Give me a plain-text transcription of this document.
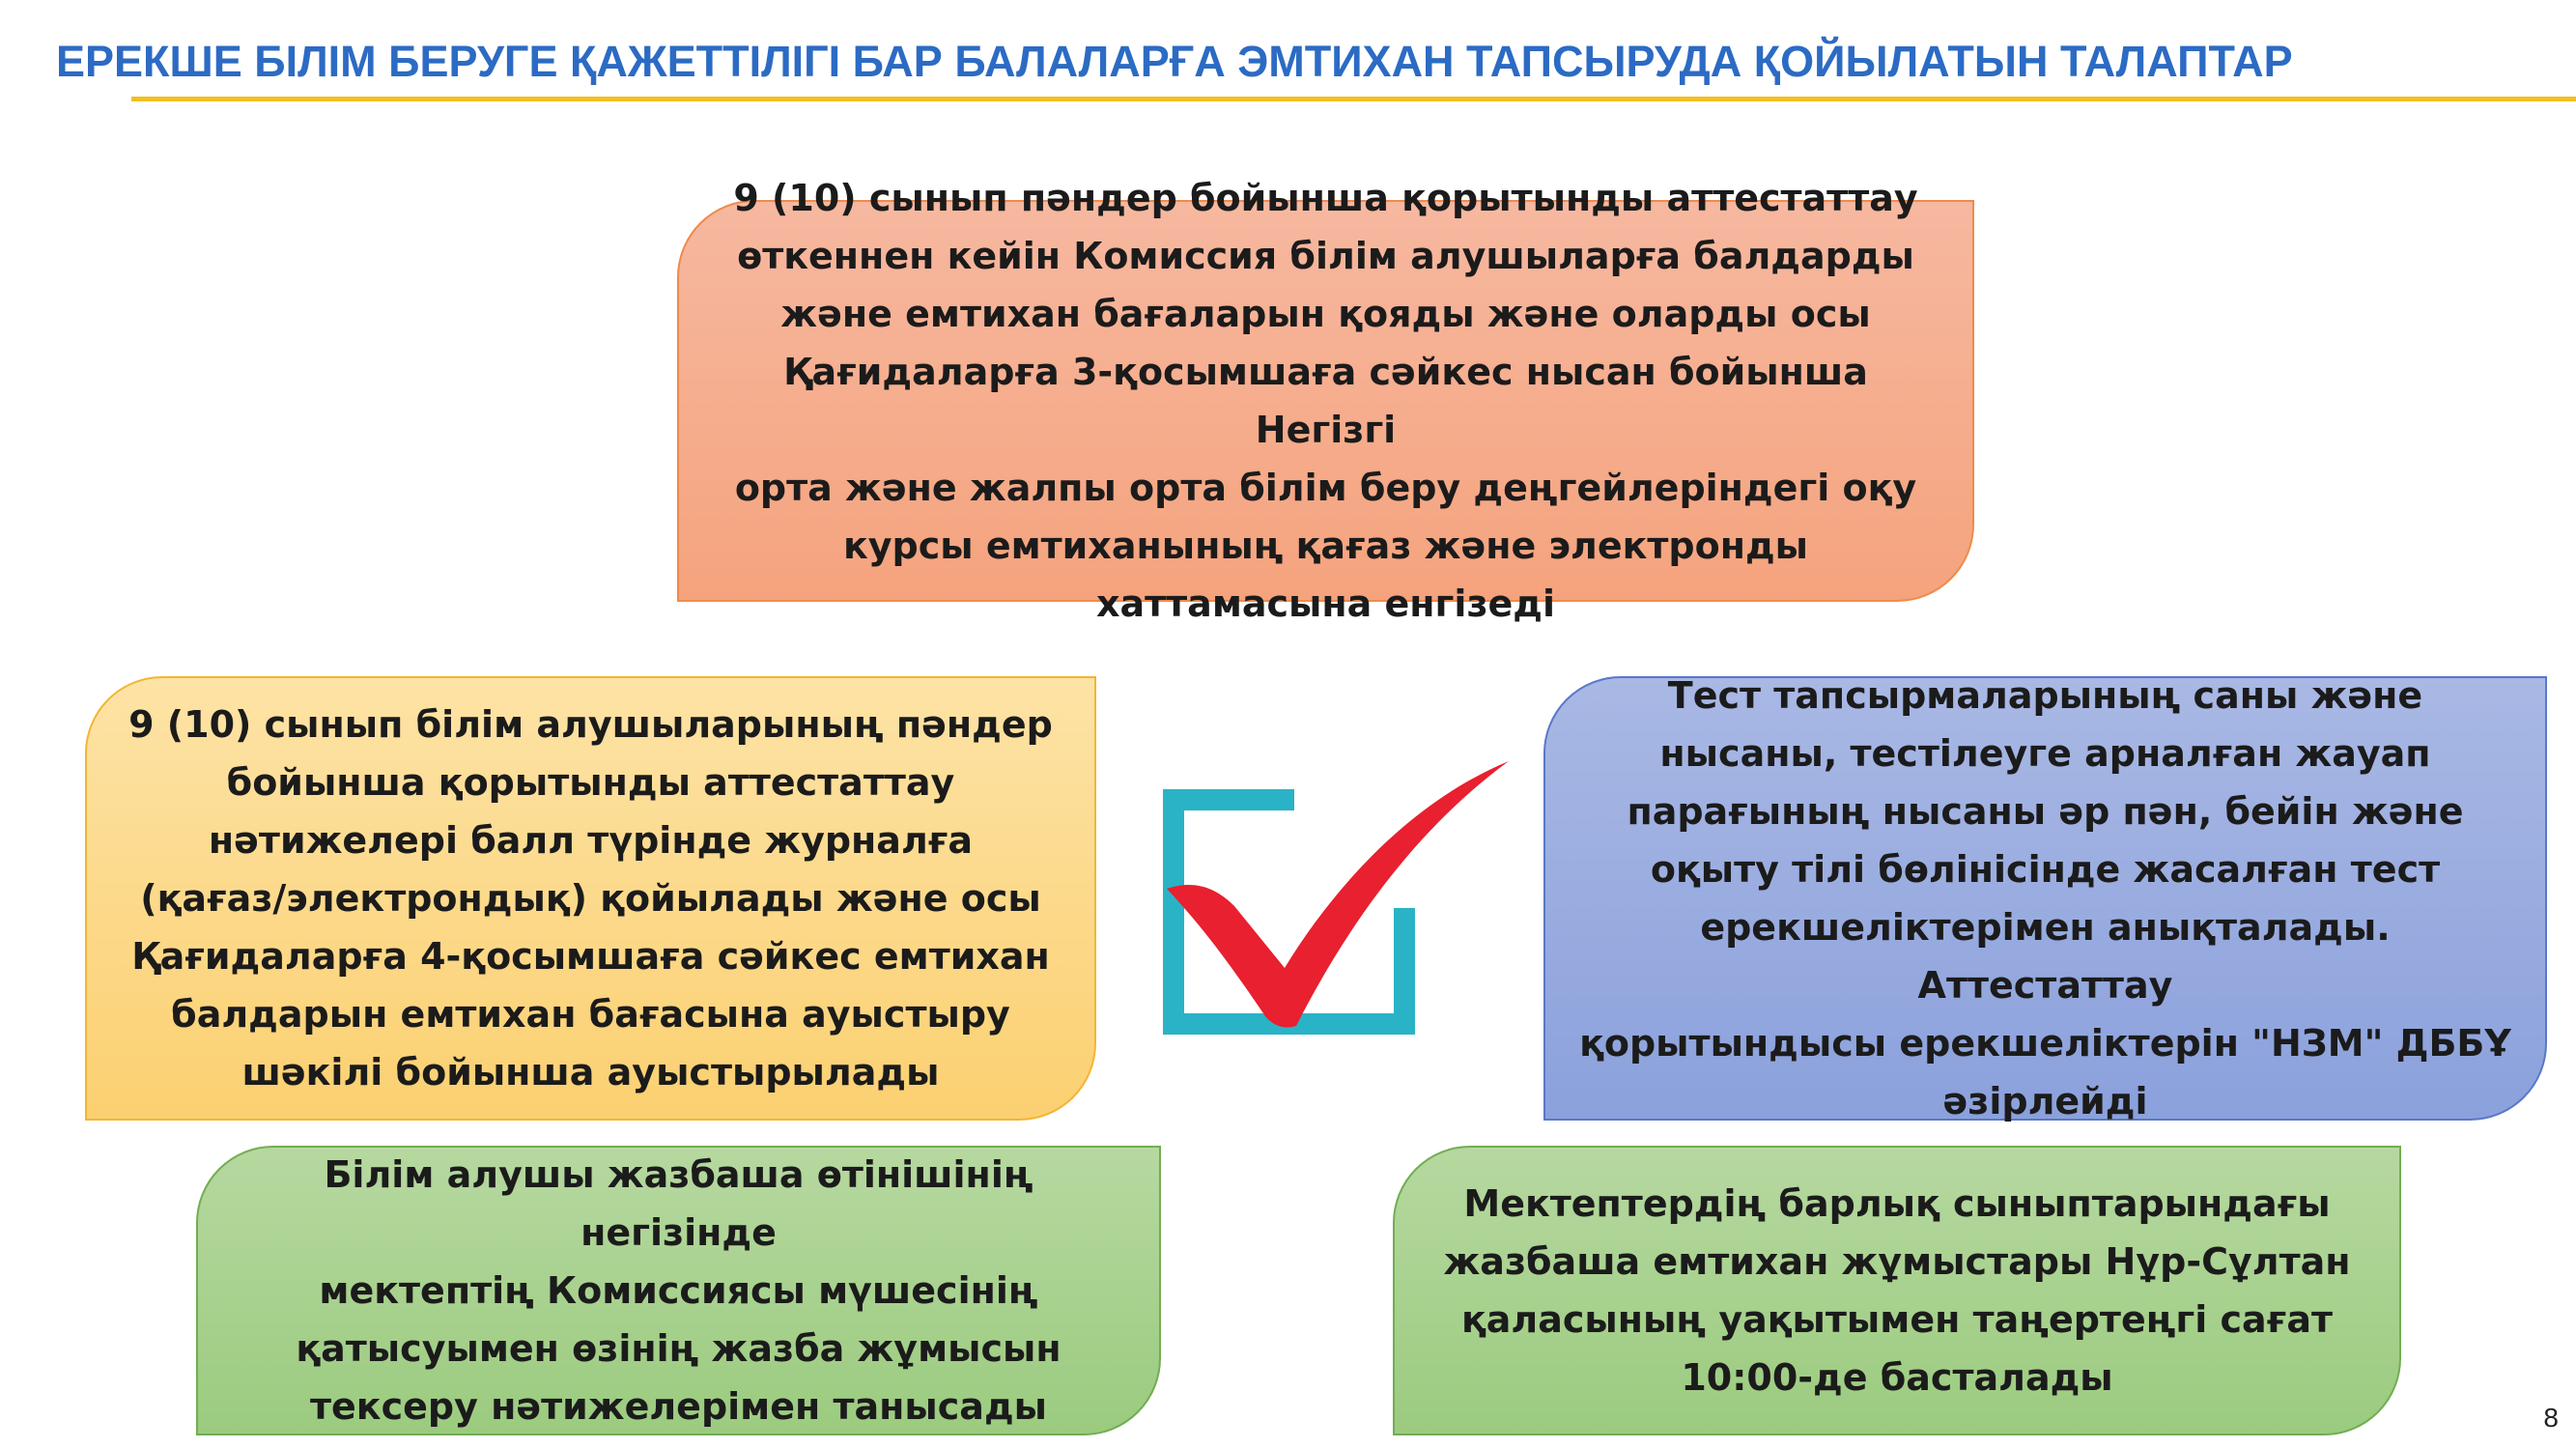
ЕРЕКШЕ БІЛІМ БЕРУГЕ ҚАЖЕТТІЛІГІ БАР БАЛАЛАРҒА ЭМТИХАН ТАПСЫРУДА ҚОЙЫЛАТЫН ТАЛАПТАР
9 (10) сынып пәндер бойынша қорытынды аттестаттау
өткеннен кейін Комиссия білім алушыларға балдарды
және емтихан бағаларын қояды және оларды осы
Қағидаларға 3-қосымшаға сәйкес нысан бойынша Негізгі
орта және жалпы орта білім беру деңгейлеріндегі оқу
курсы емтиханының қағаз және электронды
хаттамасына енгізеді
9 (10) сынып білім алушыларының пәндер
бойынша қорытынды аттестаттау
нәтижелері балл түрінде журналға
(қағаз/электрондық) қойылады және осы
Қағидаларға 4-қосымшаға сәйкес емтихан
балдарын емтихан бағасына ауыстыру
шәкілі бойынша ауыстырылады
Тест тапсырмаларының саны және
нысаны, тестілеуге арналған жауап
парағының нысаны әр пән, бейін және
оқыту тілі бөлінісінде жасалған тест
ерекшеліктерімен анықталады. Аттестаттау
қорытындысы ерекшеліктерін "НЗМ" ДББҰ
әзірлейді
Білім алушы жазбаша өтінішінің негізінде
мектептің Комиссиясы мүшесінің
қатысуымен өзінің жазба жұмысын
тексеру нәтижелерімен танысады
Мектептердің барлық сыныптарындағы
жазбаша емтихан жұмыстары Нұр-Сұлтан
қаласының уақытымен таңертеңгі сағат
10:00-де басталады
8
